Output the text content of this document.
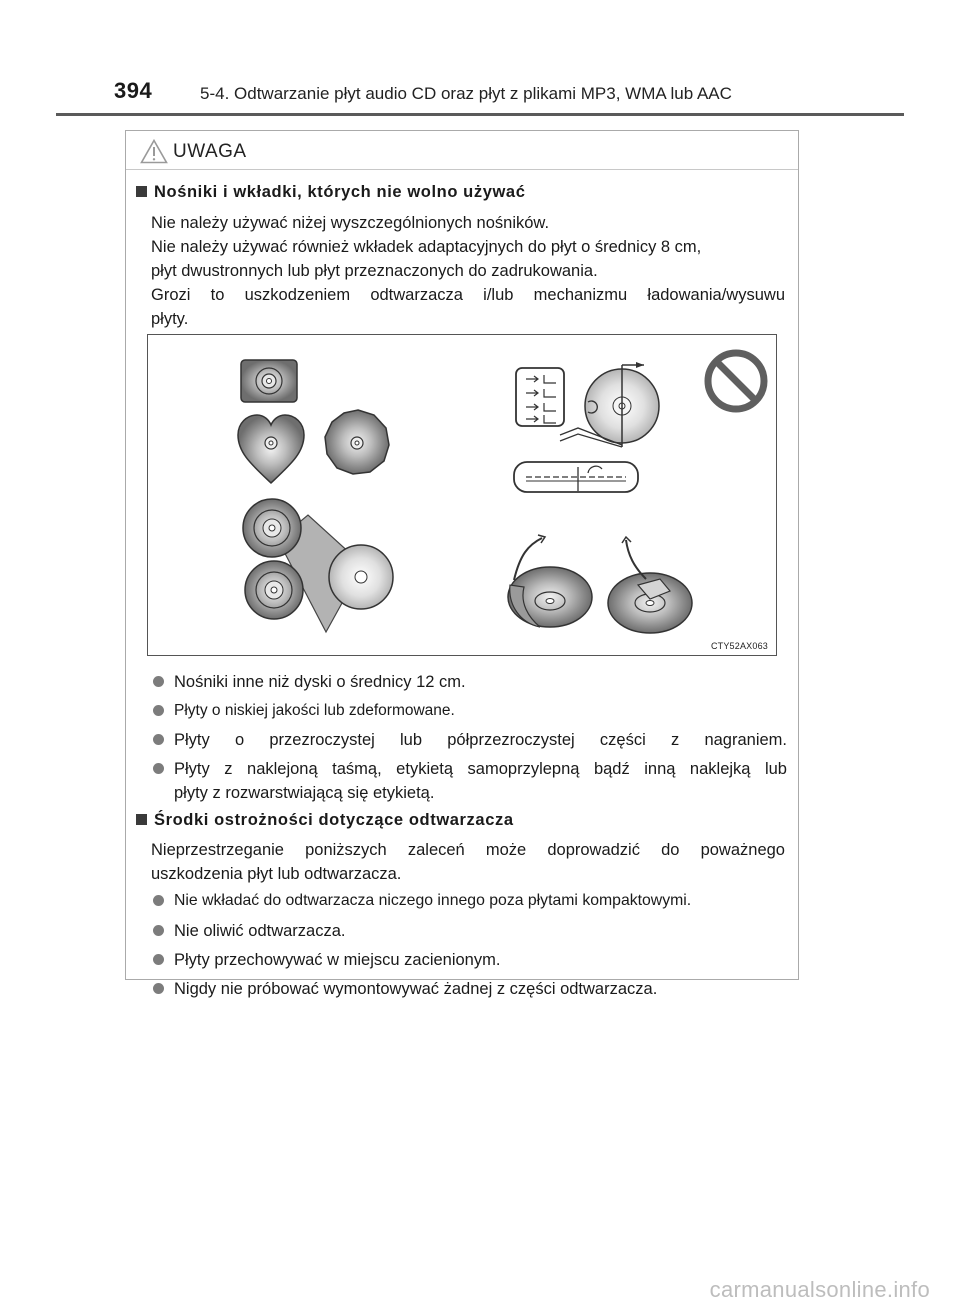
394	5-4. Odtwarzanie płyt audio CD oraz płyt z plikami MP3, WMA lub AAC
UWAGA
Nośniki i wkładki, których nie wolno używać

Nie należy używać niżej wyszczególnionych nośników.
Nie należy używać również wkładek adaptacyjnych do płyt o średnicy 8 cm,
płyt dwustronnych lub płyt przeznaczonych do zadrukowania.
Grozi to uszkodzeniem odtwarzacza i/lub mechanizmu ładowania/wysuwu
płyty.

CTY52AX063
Nośniki inne niż dyski o średnicy 12 cm.
Płyty o niskiej jakości lub zdeformowane.
Płyty o przezroczystej lub półprzezroczystej części z nagraniem.
Płyty z naklejoną taśmą, etykietą samoprzylepną bądź inną naklejką lub
płyty z rozwarstwiającą się etykietą.
Środki ostrożności dotyczące odtwarzacza

Nieprzestrzeganie poniższych zaleceń może doprowadzić do poważnego
uszkodzenia płyt lub odtwarzacza.

Nie wkładać do odtwarzacza niczego innego poza płytami kompaktowymi.
Nie oliwić odtwarzacza.
Płyty przechowywać w miejscu zacienionym.
Nigdy nie próbować wymontowywać żadnej z części odtwarzacza.
carmanualsonline.info
